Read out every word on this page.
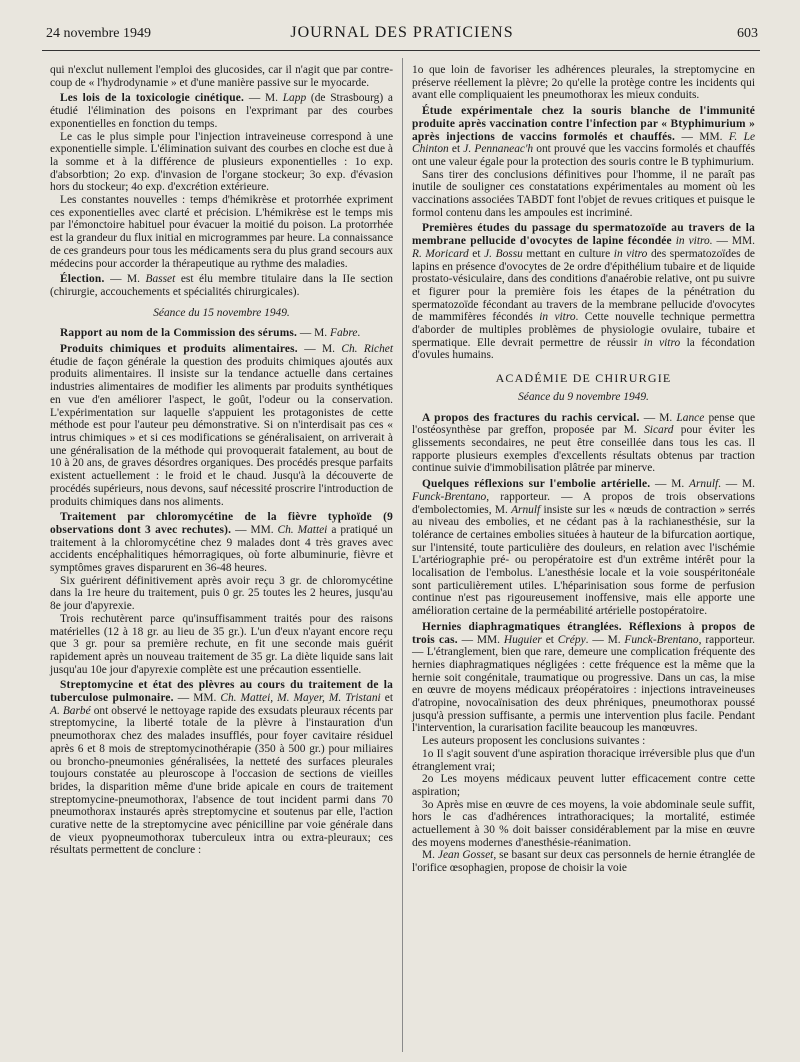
24 novembre 1949	JOURNAL DES PRATICIENS	603

qui n'exclut nullement l'emploi des glucosides, car il n'agit que par contre-coup de « l'hydrodynamie » et d'une manière passive sur le myocarde.

Les lois de la toxicologie cinétique. — M. Lapp (de Strasbourg) a étudié l'élimination des poisons en l'exprimant par des courbes exponentielles en fonction du temps.

Le cas le plus simple pour l'injection intraveineuse correspond à une exponentielle simple. L'élimination suivant des courbes en cloche est due à la somme et à la différence de plusieurs exponentielles : 1o exp. d'absorbtion; 2o exp. d'invasion de l'organe stockeur; 3o exp. d'évasion hors du stockeur; 4o exp. d'excrétion extérieure.

Les constantes nouvelles : temps d'hémikrèse et protorrhée expriment ces exponentielles avec clarté et précision. L'hémikrèse est le temps mis par l'émonctoire habituel pour évacuer la moitié du poison. La protorrhée est la grandeur du flux initial en microgrammes par heure. La connaissance de ces grandeurs pour tous les médicaments sera du plus grand secours aux médecins pour accorder la thérapeutique au rythme des maladies.

Élection. — M. Basset est élu membre titulaire dans la IIe section (chirurgie, accouchements et spécialités chirurgicales).

Séance du 15 novembre 1949.

Rapport au nom de la Commission des sérums. — M. Fabre.

Produits chimiques et produits alimentaires. — M. Ch. Richet étudie de façon générale la question des produits chimiques ajoutés aux produits alimentaires. Il insiste sur la tendance actuelle dans certaines industries alimentaires de modifier les aliments par produits synthétiques en vue d'en améliorer l'aspect, le goût, l'odeur ou la conservation. L'expérimentation sur laquelle s'appuient les protagonistes de cette méthode est pour l'auteur peu démonstrative. Si on n'interdisait pas ces « intrus chimiques » et si ces modifications se généralisaient, on arriverait à une généralisation de la méthode qui provoquerait fatalement, au bout de 10 à 20 ans, de graves désordres organiques. Des procédés presque parfaits existent actuellement : le froid et le chaud. Jusqu'à la découverte de procédés supérieurs, nous devons, sauf nécessité proscrire l'introduction de produits chimiques dans nos aliments.

Traitement par chloromycétine de la fièvre typhoïde (9 observations dont 3 avec rechutes). — MM. Ch. Mattei a pratiqué un traitement à la chloromycétine chez 9 malades dont 4 très graves avec accidents encéphalitiques hémorragiques, où forte albuminurie, fièvre et symptômes graves disparurent en 36-48 heures.

Six guérirent définitivement après avoir reçu 3 gr. de chloromycétine dans la 1re heure du traitement, puis 0 gr. 25 toutes les 2 heures, jusqu'au 8e jour d'apyrexie.

Trois rechutèrent parce qu'insuffisamment traités pour des raisons matérielles (12 à 18 gr. au lieu de 35 gr.). L'un d'eux n'ayant encore reçu que 3 gr. pour sa première rechute, en fit une seconde mais guérit rapidement après un nouveau traitement de 35 gr. La diète liquide sans lait jusqu'au 10e jour d'apyrexie complète est une précaution essentielle.

Streptomycine et état des plèvres au cours du traitement de la tuberculose pulmonaire. — MM. Ch. Mattei, M. Mayer, M. Tristani et A. Barbé ont observé le nettoyage rapide des exsudats pleuraux récents par streptomycine, la liberté totale de la plèvre à l'instauration d'un pneumothorax chez des malades insufflés, pour foyer cavitaire résiduel après 6 et 8 mois de streptomycinothérapie (350 à 500 gr.) pour miliaires ou broncho-pneumonies généralisées, la netteté des surfaces pleurales toujours constatée au pleuroscope à l'occasion de sections de vieilles brides, la disparition même d'une bride apicale en cours de traitement streptomycine-pneumothorax, l'absence de tout incident parmi dans 70 pneumothorax instaurés après streptomycine et soutenus par elle, l'action curative nette de la streptomycine avec pénicilline par voie générale dans de vieux pyopneumothorax tuberculeux intra ou extra-pleuraux; ces résultats permettent de conclure :

1o que loin de favoriser les adhérences pleurales, la streptomycine en préserve réellement la plèvre; 2o qu'elle la protège contre les incidents qui avant elle compliquaient les pneumothorax les mieux conduits.

Étude expérimentale chez la souris blanche de l'immunité produite après vaccination contre l'infection par « Btyphimurium » après injections de vaccins formolés et chauffés. — MM. F. Le Chinton et J. Pennaneac'h ont prouvé que les vaccins formolés et chauffés ont une valeur égale pour la protection des souris contre le B typhimurium.

Sans tirer des conclusions définitives pour l'homme, il ne paraît pas inutile de souligner ces constatations expérimentales au moment où les vaccinations associées TABDT font l'objet de revues critiques et puisque le formol contenu dans les ampoules est incriminé.

Premières études du passage du spermatozoïde au travers de la membrane pellucide d'ovocytes de lapine fécondée in vitro. — MM. R. Moricard et J. Bossu mettant en culture in vitro des spermatozoïdes de lapins en présence d'ovocytes de 2e ordre d'épithélium tubaire et de liquide prostato-vésiculaire, dans des conditions d'anaérobie relative, ont pu suivre et figurer pour la première fois les étapes de la pénétration du spermatozoïde fécondant au travers de la membrane pellucide d'ovocytes de mammifères fécondés in vitro. Cette nouvelle technique permettra d'aborder de multiples problèmes de physiologie ovulaire, tubaire et spermatique. Elle devrait permettre de réussir in vitro la fécondation d'ovules humains.

ACADÉMIE DE CHIRURGIE

Séance du 9 novembre 1949.

A propos des fractures du rachis cervical. — M. Lance pense que l'ostéosynthèse par greffon, proposée par M. Sicard pour éviter les glissements secondaires, ne peut être conseillée dans tous les cas. Il rapporte plusieurs exemples d'excellents résultats obtenus par traction continue suivie d'immobilisation plâtrée par minerve.

Quelques réflexions sur l'embolie artérielle. — M. Arnulf. — M. Funck-Brentano, rapporteur. — A propos de trois observations d'embolectomies, M. Arnulf insiste sur les « nœuds de contraction » serrés au niveau des embolies, et ne cédant pas à la rachianesthésie, sur la tolérance de certaines embolies situées à hauteur de la bifurcation aortique, sur l'intensité, toute particulière des douleurs, en relation avec l'ischémie L'artériographie pré- ou peropératoire est d'un extrême intérêt pour la localisation de l'embolus. L'anesthésie locale et la voie souspéritonéale sont particulièrement utiles. L'héparinisation sous forme de perfusion continue n'est pas rigoureusement inoffensive, mais elle apporte une amélioration certaine de la perméabilité artérielle postopératoire.

Hernies diaphragmatiques étranglées. Réflexions à propos de trois cas. — MM. Huguier et Crépy. — M. Funck-Brentano, rapporteur. — L'étranglement, bien que rare, demeure une complication fréquente des hernies diaphragmatiques négligées : cette fréquence est la même que la hernie soit congénitale, traumatique ou progressive. Dans un cas, la mise en œuvre de moyens médicaux préopératoires : injections intraveineuses d'atropine, novocaïnisation des deux phréniques, pneumothorax poussé jusqu'à pression suffisante, a permis une intervention plus facile. Pendant l'intervention, la curarisation facilite beaucoup les manœuvres.

Les auteurs proposent les conclusions suivantes :

1o Il s'agit souvent d'une aspiration thoracique irréversible plus que d'un étranglement vrai;

2o Les moyens médicaux peuvent lutter efficacement contre cette aspiration;

3o Après mise en œuvre de ces moyens, la voie abdominale seule suffit, hors le cas d'adhérences intrathoraciques; la mortalité, estimée actuellement à 30 % doit baisser considérablement par la mise en œuvre des moyens modernes d'anesthésie-réanimation.

M. Jean Gosset, se basant sur deux cas personnels de hernie étranglée de l'orifice œsophagien, propose de choisir la voie
